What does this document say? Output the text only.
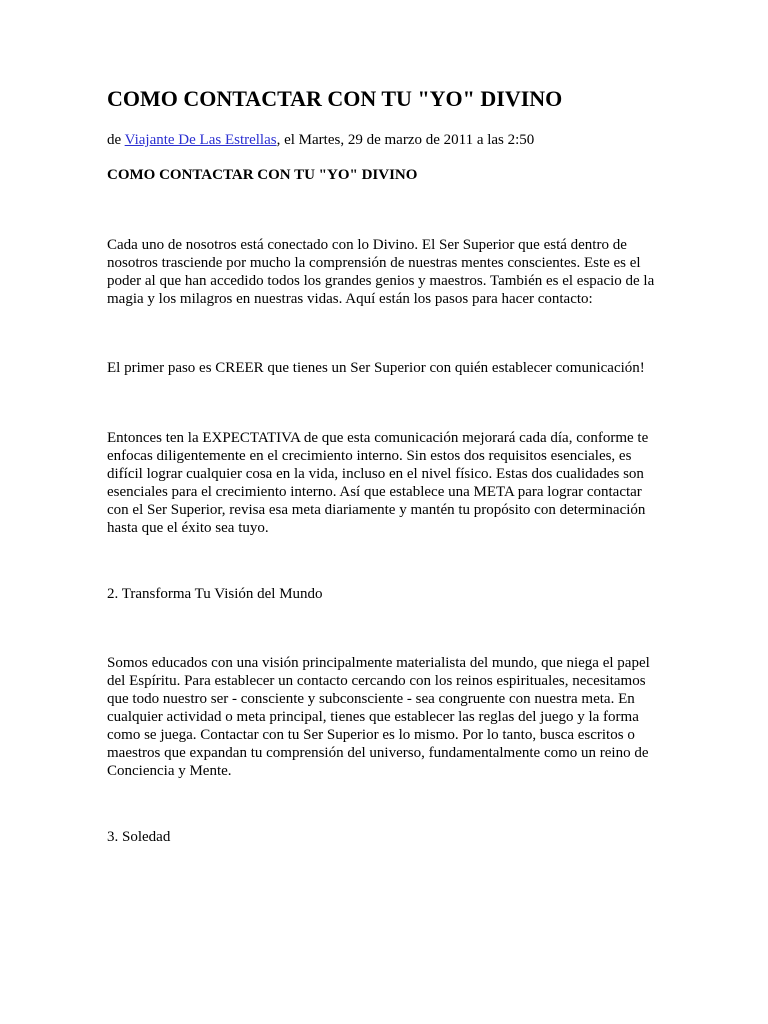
COMO CONTACTAR CON TU "YO" DIVINO
de Viajante De Las Estrellas, el Martes, 29 de marzo de 2011 a las 2:50
COMO CONTACTAR CON TU "YO" DIVINO
Cada uno de nosotros está conectado con lo Divino. El Ser Superior que está dentro de
nosotros trasciende por mucho la comprensión de nuestras mentes conscientes. Este es el
poder al que han accedido todos los grandes genios y maestros. También es el espacio de la
magia y los milagros en nuestras vidas. Aquí están los pasos para hacer contacto:
El primer paso es CREER que tienes un Ser Superior con quién establecer comunicación!
Entonces ten la EXPECTATIVA de que esta comunicación mejorará cada día, conforme te
enfocas diligentemente en el crecimiento interno. Sin estos dos requisitos esenciales, es
difícil lograr cualquier cosa en la vida, incluso en el nivel físico. Estas dos cualidades son
esenciales para el crecimiento interno. Así que establece una META para lograr contactar
con el Ser Superior, revisa esa meta diariamente y mantén tu propósito con determinación
hasta que el éxito sea tuyo.
2. Transforma Tu Visión del Mundo
Somos educados con una visión principalmente materialista del mundo, que niega el papel
del Espíritu. Para establecer un contacto cercando con los reinos espirituales, necesitamos
que todo nuestro ser - consciente y subconsciente - sea congruente con nuestra meta. En
cualquier actividad o meta principal, tienes que establecer las reglas del juego y la forma
como se juega. Contactar con tu Ser Superior es lo mismo. Por lo tanto, busca escritos o
maestros que expandan tu comprensión del universo, fundamentalmente como un reino de
Conciencia y Mente.
3. Soledad
